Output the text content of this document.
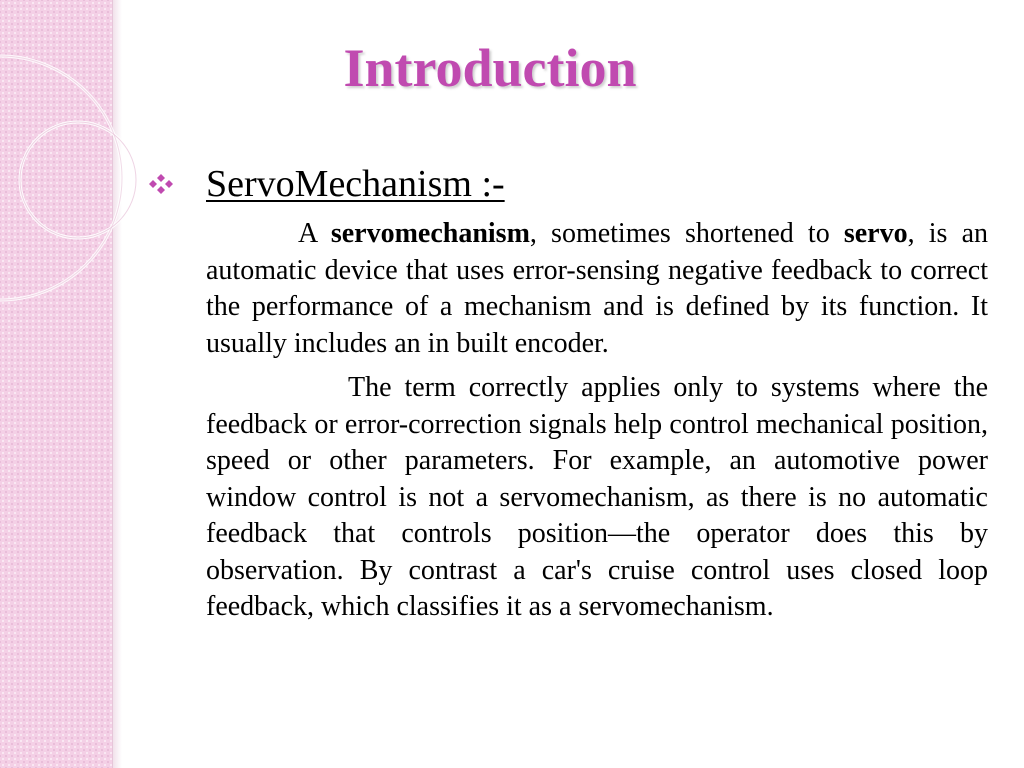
Introduction
ServoMechanism :-

A servomechanism, sometimes shortened to servo, is an automatic device that uses error-sensing negative feedback to correct the performance of a mechanism and is defined by its function. It usually includes an in built encoder.

The term correctly applies only to systems where the feedback or error-correction signals help control mechanical position, speed or other parameters. For example, an automotive power window control is not a servomechanism, as there is no automatic feedback that controls position—the operator does this by observation. By contrast a car's cruise control uses closed loop feedback, which classifies it as a servomechanism.
